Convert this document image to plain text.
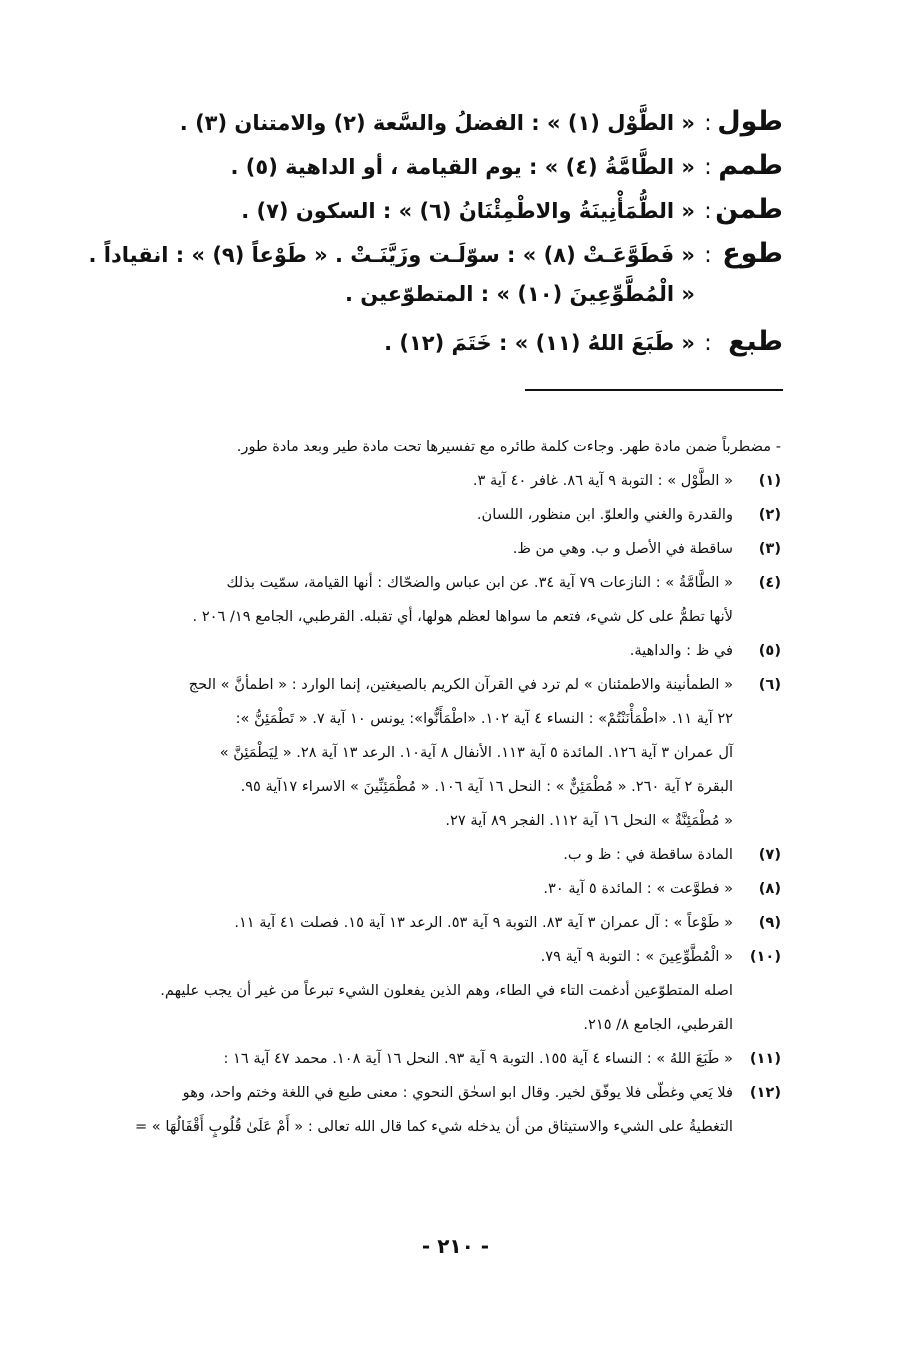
طول
:
« الطَّوْل (١) » : الفضلُ والسَّعة (٢) والامتنان (٣) .
طمم
:
« الطَّامَّةُ (٤) » : يوم القيامة ، أو الداهية (٥) .
طمن
:
« الطُّمَأْنِينَةُ والاطْمِئْنَانُ (٦) » : السكون (٧) .
طوع
:
« فَطَوَّعَـتْ (٨) » : سوّلَـت وزَيَّنَـتْ . « طَوْعاً (٩) » : انقياداً .
« الْمُطَّوِّعِينَ (١٠) » : المتطوّعين .
طبع
:
« طَبَعَ اللهُ (١١) » : خَتَمَ (١٢) .
- مضطرباً ضمن مادة طهر. وجاءت كلمة طائره مع تفسيرها تحت مادة طير وبعد مادة طور.
(١)
« الطَّوْل » : التوبة ٩ آية ٨٦. غافر ٤٠ آية ٣.
(٢)
والقدرة والغني والعلوّ. ابن منظور، اللسان.
(٣)
ساقطة في الأصل و ب. وهي من ظ.
(٤)
« الطَّامَّةُ » : النازعات ٧٩ آية ٣٤. عن ابن عباس والضحّاك : أنها القيامة، سمّيت بذلك
لأنها تطمُّ على كل شيء، فتعم ما سواها لعظم هولها، أي تقبله. القرطبي، الجامع ١٩/ ٢٠٦ .
(٥)
في ظ : والداهية.
(٦)
« الطمأنينة والاطمئنان » لم ترد في القرآن الكريم بالصيغتين، إنما الوارد : « اطمأنَّ » الحج
٢٢ آية ١١. «اطْمَأْنَنْتُمْ» : النساء ٤ آية ١٠٢. «اطْمَأَنُّوا»: يونس ١٠ آية ٧. « تَطْمَئِنُّ »:
آل عمران ٣ آية ١٢٦. المائدة ٥ آية ١١٣. الأنفال ٨ آية١٠. الرعد ١٣ آية ٢٨. « لِيَطْمَئِنَّ »
البقرة ٢ آية ٢٦٠. « مُطْمَئِنٌّ » : النحل ١٦ آية ١٠٦. « مُطْمَئِنِّينَ » الاسراء ١٧آية ٩٥.
« مُطْمَئِنَّةٌ » النحل ١٦ آية ١١٢. الفجر ٨٩ آية ٢٧.
(٧)
المادة ساقطة في : ظ و ب.
(٨)
« فطوَّعت » : المائدة ٥ آية ٣٠.
(٩)
« طَوْعاً » : آل عمران ٣ آية ٨٣. التوبة ٩ آية ٥٣. الرعد ١٣ آية ١٥. فصلت ٤١ آية ١١.
(١٠)
« الْمُطَّوِّعِينَ » : التوبة ٩ آية ٧٩.
اصله المتطوّعين أدغمت التاء في الطاء، وهم الذين يفعلون الشيء تبرعاً من غير أن يجب عليهم.
القرطبي، الجامع ٨/ ٢١٥.
(١١)
« طَبَعَ اللهُ » : النساء ٤ آية ١٥٥. التوبة ٩ آية ٩٣. النحل ١٦ آية ١٠٨. محمد ٤٧ آية ١٦ :
(١٢)
فلا يَعي وغطّى فلا يوفّق لخير. وقال ابو اسحٰق النحوي : معنى طبع في اللغة وختم واحد، وهو
التغطيةُ على الشيء والاستيثاق من أن يدخله شيء كما قال الله تعالى : « أَمْ عَلَىٰ قُلُوبٍ أَقْفَالُهَا » =
- ٢١٠ -
